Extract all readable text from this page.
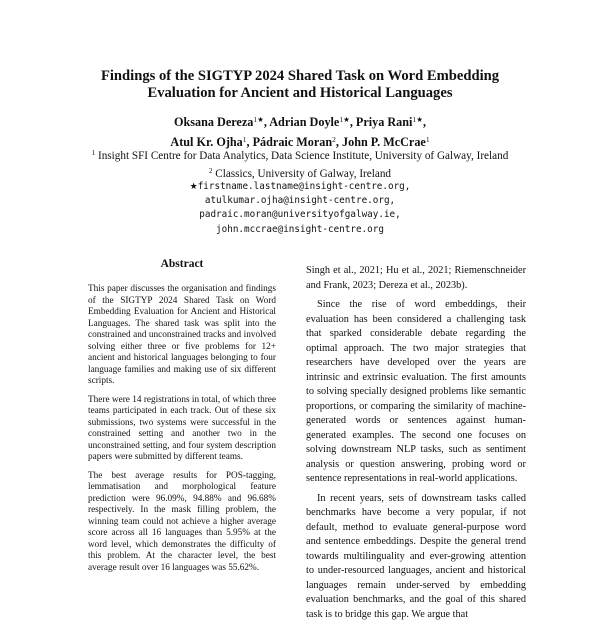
Findings of the SIGTYP 2024 Shared Task on Word Embedding
Evaluation for Ancient and Historical Languages
Oksana Dereza$^{1★}$, Adrian Doyle$^{1★}$, Priya Rani$^{1★}$,
Atul Kr. Ojha$^1$, Pádraic Moran$^2$, John P. McCrae$^1$
$^1$ Insight SFI Centre for Data Analytics, Data Science Institute, University of Galway, Ireland
$^2$ Classics, University of Galway, Ireland
★firstname.lastname@insight-centre.org,
atulkumar.ojha@insight-centre.org,
padraic.moran@universityofgalway.ie,
john.mccrae@insight-centre.org
Abstract

This paper discusses the organisation and findings of the SIGTYP 2024 Shared Task on Word Embedding Evaluation for Ancient and Historical Languages. The shared task was split into the constrained and unconstrained tracks and involved solving either three or five problems for 12+ ancient and historical languages belonging to four language families and making use of six different scripts.

There were 14 registrations in total, of which three teams participated in each track. Out of these six submissions, two systems were successful in the constrained setting and another two in the unconstrained setting, and four system description papers were submitted by different teams.

The best average results for POS-tagging, lemmatisation and morphological feature prediction were 96.09%, 94.88% and 96.68% respectively. In the mask filling problem, the winning team could not achieve a higher average score across all 16 languages than 5.95% at the word level, which demonstrates the difficulty of this problem. At the character level, the best average result over 16 languages was 55.62%.

Singh et al., 2021; Hu et al., 2021; Riemenschneider and Frank, 2023; Dereza et al., 2023b).

Since the rise of word embeddings, their evaluation has been considered a challenging task that sparked considerable debate regarding the optimal approach. The two major strategies that researchers have developed over the years are intrinsic and extrinsic evaluation. The first amounts to solving specially designed problems like semantic proportions, or comparing the similarity of machine-generated words or sentences against human-generated examples. The second one focuses on solving downstream NLP tasks, such as sentiment analysis or question answering, probing word or sentence representations in real-world applications.

In recent years, sets of downstream tasks called benchmarks have become a very popular, if not default, method to evaluate general-purpose word and sentence embeddings. Despite the general trend towards multilinguality and ever-growing attention to under-resourced languages, ancient and historical languages remain under-served by embedding evaluation benchmarks, and the goal of this shared task is to bridge this gap. We argue that
